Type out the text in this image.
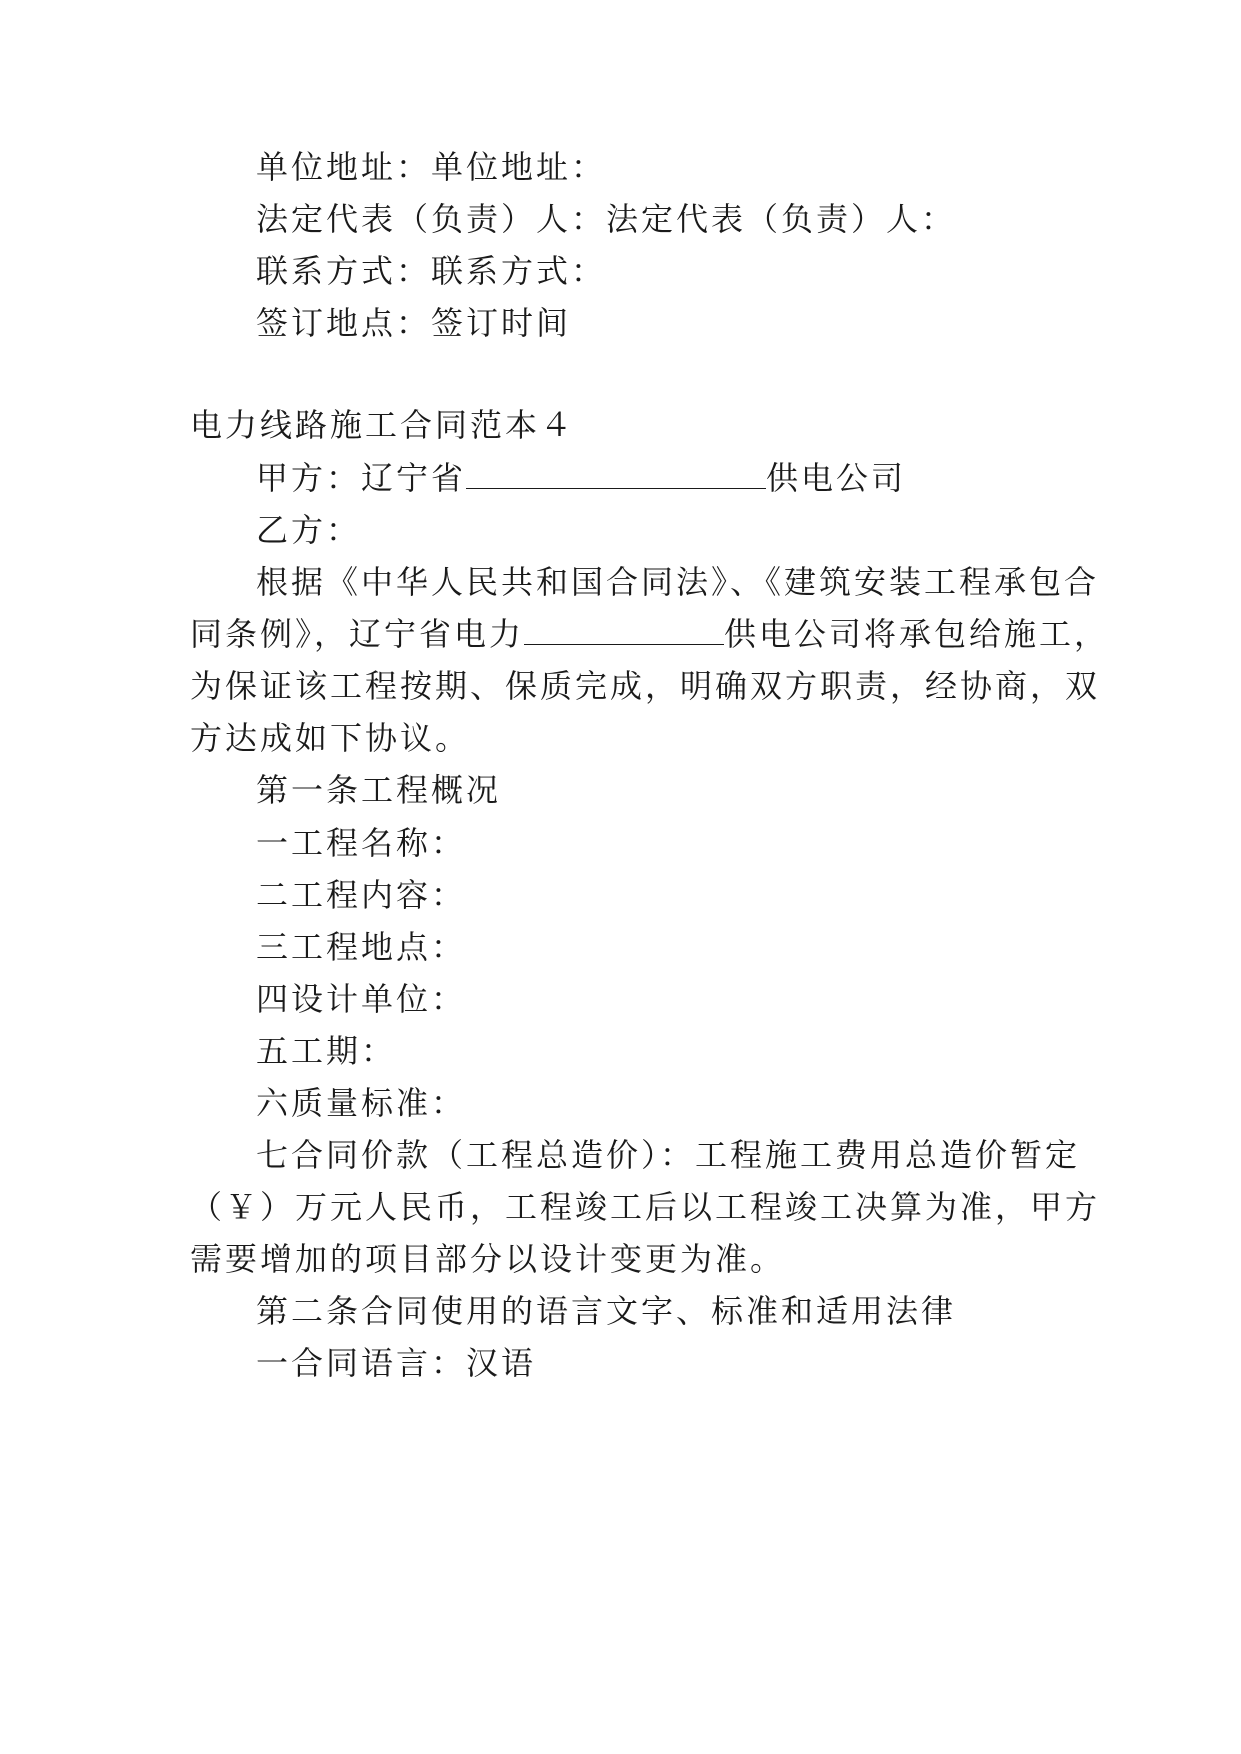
单位地址：单位地址：
法定代表（负责）人：法定代表（负责）人：
联系方式：联系方式：
签订地点：签订时间
电力线路施工合同范本４
甲方：辽宁省	供电公司
乙方：
根据《中华人民共和国合同法》、《建筑安装工程承包合
同条例》，辽宁省电力	供电公司将承包给施工，
为保证该工程按期、保质完成，明确双方职责，经协商，双
方达成如下协议。
第一条工程概况
一工程名称：
二工程内容：
三工程地点：
四设计单位：
五工期：
六质量标准：
七合同价款（工程总造价）：工程施工费用总造价暂定
（￥）万元人民币，工程竣工后以工程竣工决算为准，甲方
需要增加的项目部分以设计变更为准。
第二条合同使用的语言文字、标准和适用法律
一合同语言：汉语
